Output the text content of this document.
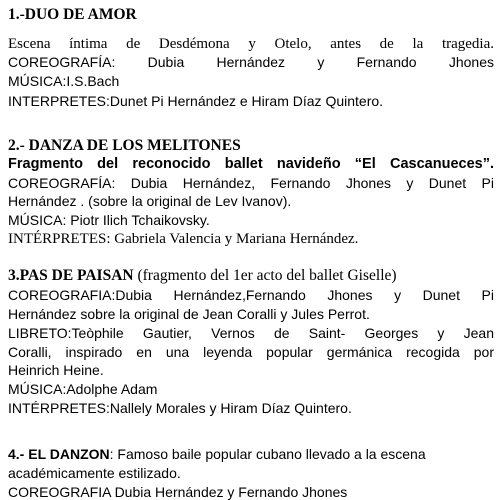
1.-DUO DE AMOR
Escena íntima de Desdémona y Otelo, antes de la tragedia.
COREOGRAFÍA: Dubia Hernández y Fernando Jhones
MÚSICA:I.S.Bach
INTERPRETES:Dunet Pi Hernández e Hiram Díaz Quintero.
2.- DANZA DE LOS MELITONES
Fragmento del reconocido ballet navideño “El Cascanueces”.
COREOGRAFÍA: Dubia Hernández, Fernando Jhones y Dunet Pi
Hernández . (sobre la original de Lev Ivanov).
MÚSICA: Piotr Ilich Tchaikovsky.
INTÉRPRETES: Gabriela Valencia y Mariana Hernández.
3.PAS DE PAISAN (fragmento del 1er acto del ballet Giselle)
COREOGRAFIA:Dubia Hernández,Fernando Jhones y Dunet Pi
Hernández sobre la original de Jean Coralli y Jules Perrot.
LIBRETO:Teòphile Gautier, Vernos de Saint- Georges y Jean
Coralli, inspirado en una leyenda popular germánica recogida por
Heinrich Heine.
MÚSICA:Adolphe Adam
INTÉRPRETES:Nallely Morales y Hiram Díaz Quintero.
4.- EL DANZON: Famoso baile popular cubano llevado a la escena
académicamente estilizado.
COREOGRAFIA Dubia Hernández y Fernando Jhones
